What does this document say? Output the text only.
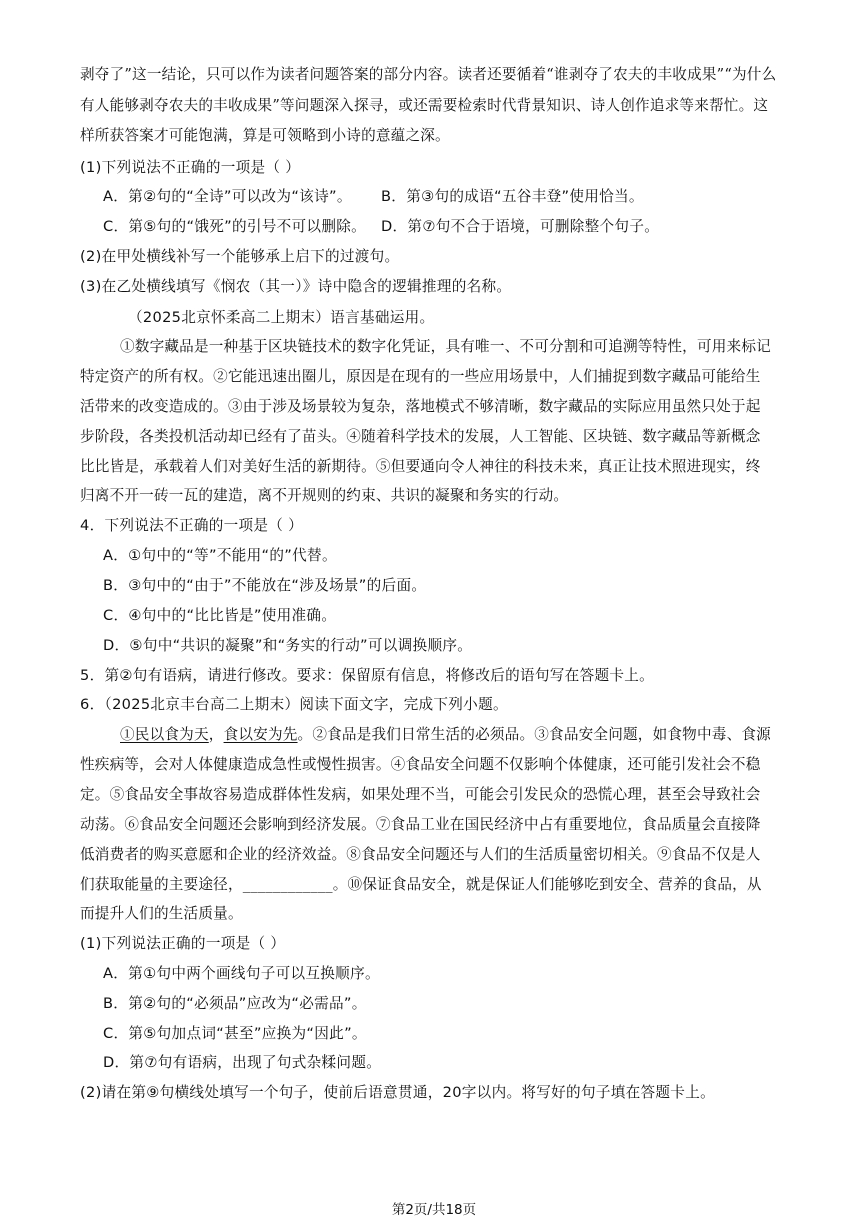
剥夺了”这一结论，只可以作为读者问题答案的部分内容。读者还要循着“谁剥夺了农夫的丰收成果”“为什么
有人能够剥夺农夫的丰收成果”等问题深入探寻，或还需要检索时代背景知识、诗人创作追求等来帮忙。这
样所获答案才可能饱满，算是可领略到小诗的意蕴之深。
(1)下列说法不正确的一项是（ ）
A．第②句的“全诗”可以改为“该诗”。	B．第③句的成语“五谷丰登”使用恰当。
C．第⑤句的“饿死”的引号不可以删除。	D．第⑦句不合于语境，可删除整个句子。
(2)在甲处横线补写一个能够承上启下的过渡句。
(3)在乙处横线填写《悯农（其一）》诗中隐含的逻辑推理的名称。
（2025北京怀柔高二上期末）语言基础运用。
①数字藏品是一种基于区块链技术的数字化凭证，具有唯一、不可分割和可追溯等特性，可用来标记
特定资产的所有权。②它能迅速出圈儿，原因是在现有的一些应用场景中，人们捕捉到数字藏品可能给生
活带来的改变造成的。③由于涉及场景较为复杂，落地模式不够清晰，数字藏品的实际应用虽然只处于起
步阶段，各类投机活动却已经有了苗头。④随着科学技术的发展，人工智能、区块链、数字藏品等新概念
比比皆是，承载着人们对美好生活的新期待。⑤但要通向令人神往的科技未来，真正让技术照进现实，终
归离不开一砖一瓦的建造，离不开规则的约束、共识的凝聚和务实的行动。
4．下列说法不正确的一项是（ ）
A．①句中的“等”不能用“的”代替。
B．③句中的“由于”不能放在“涉及场景”的后面。
C．④句中的“比比皆是”使用准确。
D．⑤句中“共识的凝聚”和“务实的行动”可以调换顺序。
5．第②句有语病，请进行修改。要求：保留原有信息，将修改后的语句写在答题卡上。
6．（2025北京丰台高二上期末）阅读下面文字，完成下列小题。
①民以食为天，食以安为先。②食品是我们日常生活的必须品。③食品安全问题，如食物中毒、食源
性疾病等，会对人体健康造成急性或慢性损害。④食品安全问题不仅影响个体健康，还可能引发社会不稳
定。⑤食品安全事故容易造成群体性发病，如果处理不当，可能会引发民众的恐慌心理，甚至会导致社会
动荡。⑥食品安全问题还会影响到经济发展。⑦食品工业在国民经济中占有重要地位，食品质量会直接降
低消费者的购买意愿和企业的经济效益。⑧食品安全问题还与人们的生活质量密切相关。⑨食品不仅是人
们获取能量的主要途径，____________。⑩保证食品安全，就是保证人们能够吃到安全、营养的食品，从
而提升人们的生活质量。
(1)下列说法正确的一项是（ ）
A．第①句中两个画线句子可以互换顺序。
B．第②句的“必须品”应改为“必需品”。
C．第⑤句加点词“甚至”应换为“因此”。
D．第⑦句有语病，出现了句式杂糅问题。
(2)请在第⑨句横线处填写一个句子，使前后语意贯通，20字以内。将写好的句子填在答题卡上。
第2页/共18页
